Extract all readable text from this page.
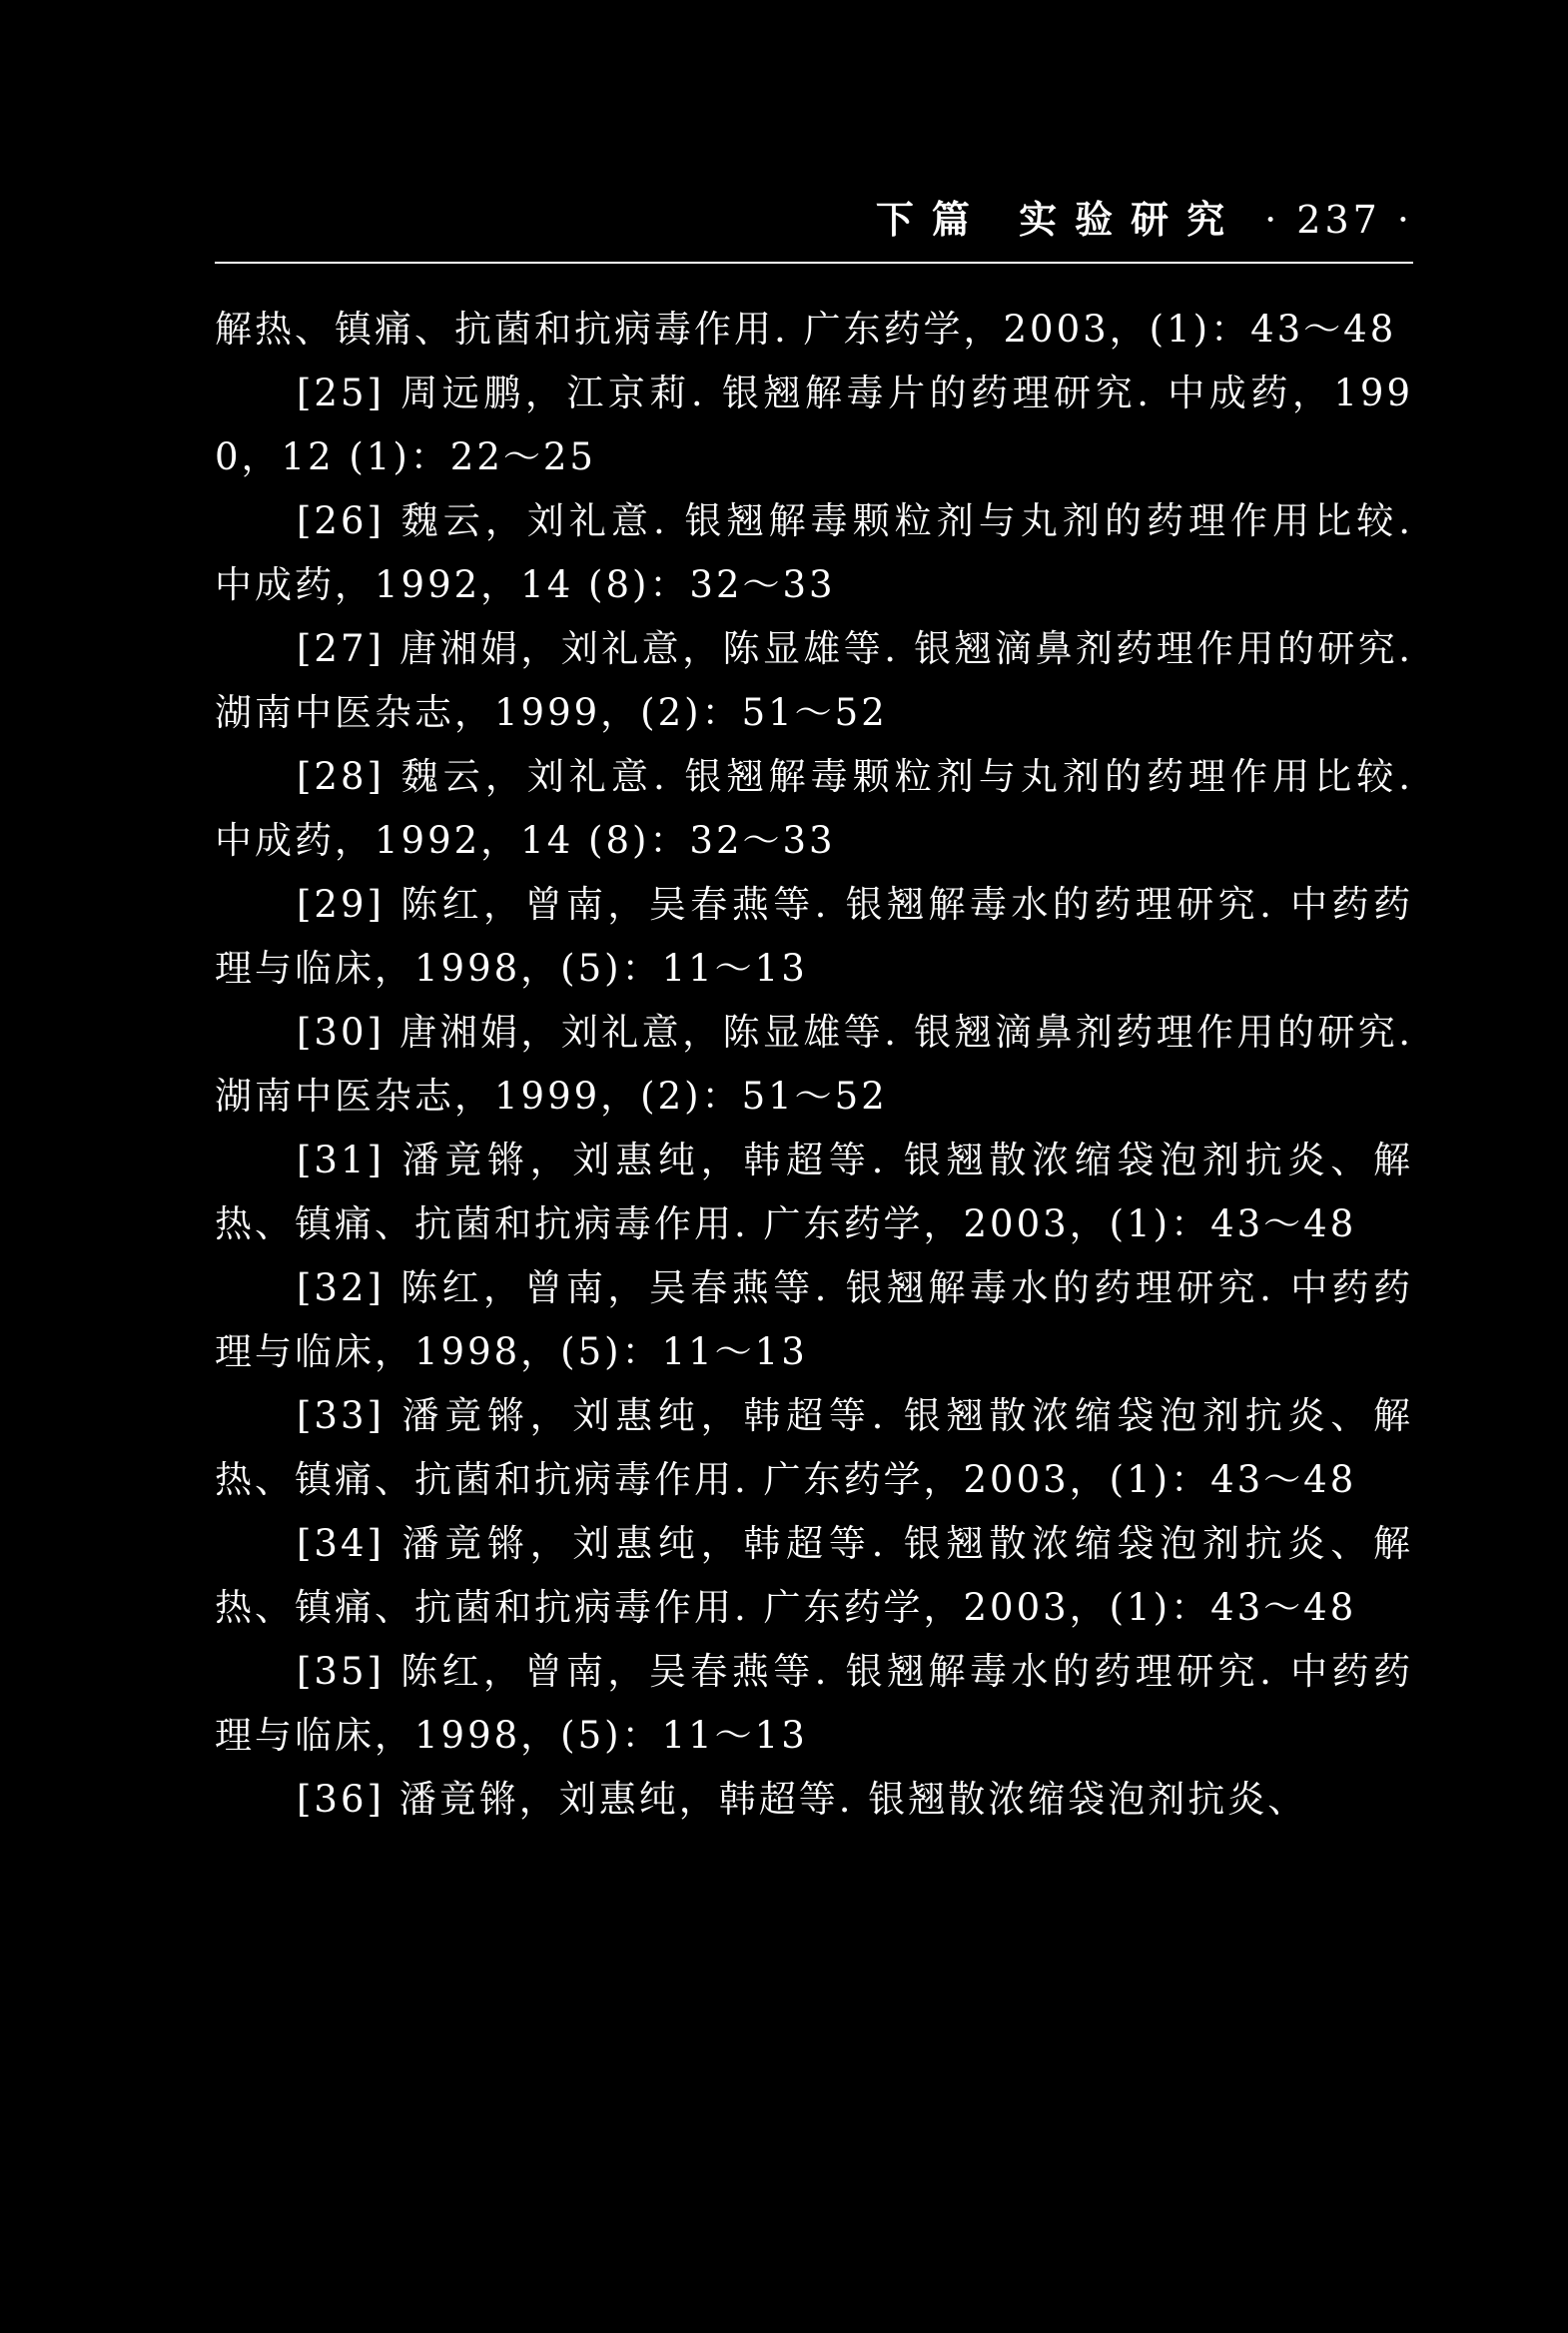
下篇 实验研究 · 237 ·
解热、镇痛、抗菌和抗病毒作用. 广东药学，2003，(1)：43～48
[25] 周远鹏，江京莉. 银翘解毒片的药理研究. 中成药，1990，12 (1)：22～25
[26] 魏云，刘礼意. 银翘解毒颗粒剂与丸剂的药理作用比较. 中成药，1992，14 (8)：32～33
[27] 唐湘娟，刘礼意，陈显雄等. 银翘滴鼻剂药理作用的研究. 湖南中医杂志，1999，(2)：51～52
[28] 魏云，刘礼意. 银翘解毒颗粒剂与丸剂的药理作用比较. 中成药，1992，14 (8)：32～33
[29] 陈红，曾南，吴春燕等. 银翘解毒水的药理研究. 中药药理与临床，1998，(5)：11～13
[30] 唐湘娟，刘礼意，陈显雄等. 银翘滴鼻剂药理作用的研究. 湖南中医杂志，1999，(2)：51～52
[31] 潘竟锵，刘惠纯，韩超等. 银翘散浓缩袋泡剂抗炎、解热、镇痛、抗菌和抗病毒作用. 广东药学，2003，(1)：43～48
[32] 陈红，曾南，吴春燕等. 银翘解毒水的药理研究. 中药药理与临床，1998，(5)：11～13
[33] 潘竟锵，刘惠纯，韩超等. 银翘散浓缩袋泡剂抗炎、解热、镇痛、抗菌和抗病毒作用. 广东药学，2003，(1)：43～48
[34] 潘竟锵，刘惠纯，韩超等. 银翘散浓缩袋泡剂抗炎、解热、镇痛、抗菌和抗病毒作用. 广东药学，2003，(1)：43～48
[35] 陈红，曾南，吴春燕等. 银翘解毒水的药理研究. 中药药理与临床，1998，(5)：11～13
[36] 潘竟锵，刘惠纯，韩超等. 银翘散浓缩袋泡剂抗炎、
